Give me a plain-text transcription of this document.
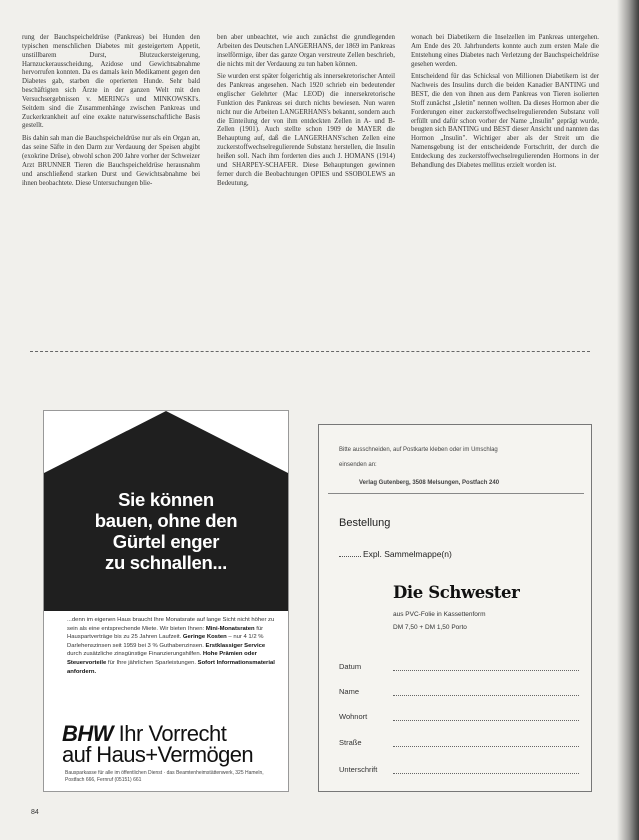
rung der Bauchspeicheldrüse (Pankreas) bei Hunden den typischen menschlichen Diabetes mit gesteigertem Appetit, unstillbarem Durst, Blutzuckersteigerung, Harnzuckerausscheidung, Azidose und Gewichtsabnahme hervorrufen konnten. Da es damals kein Medikament gegen den Diabetes gab, starben die operierten Hunde. Sehr bald beschäftigten sich Ärzte in der ganzen Welt mit den Versuchsergebnissen v. MERING's und MINKOWSKI's. Seitdem sind die Zusammenhänge zwischen Pankreas und Zuckerkrankheit auf eine exakte naturwissenschaftliche Basis gestellt.

Bis dahin sah man die Bauchspeicheldrüse nur als ein Organ an, das seine Säfte in den Darm zur Verdauung der Speisen abgibt (exokrine Drüse), obwohl schon 200 Jahre vorher der Schweizer Arzt BRUNNER Tieren die Bauchspeicheldrüse herausnahm und anschließend starken Durst und Gewichtsabnahme bei ihnen beobachtete. Diese Untersuchungen blie-

ben aber unbeachtet, wie auch zunächst die grundlegenden Arbeiten des Deutschen LANGERHANS, der 1869 im Pankreas inselförmige, über das ganze Organ verstreute Zellen beschrieb, die nichts mit der Verdauung zu tun haben können.

Sie wurden erst später folgerichtig als innersekretorischer Anteil des Pankreas angesehen. Nach 1920 schrieb ein bedeutender englischer Gelehrter (Mac LEOD) die innersekretorische Funktion des Pankreas sei durch nichts bewiesen. Nun waren nicht nur die Arbeiten LANGERHANS's bekannt, sondern auch die Einteilung der von ihm entdeckten Zellen in A- und B-Zellen (1901). Auch stellte schon 1909 de MAYER die Behauptung auf, daß die LANGERHANS'schen Zellen eine zuckerstoffwechselregulierende Substanz herstellen, die Insulin heißen soll. Nach ihm forderten dies auch J. HOMANS (1914) und SHARPEY-SCHAFER. Diese Behauptungen gewinnen ferner durch die Beobachtungen OPIES und SSOBOLEWS an Bedeutung,

wonach bei Diabetikern die Inselzellen im Pankreas untergehen. Am Ende des 20. Jahrhunderts konnte auch zum ersten Male die Entstehung eines Diabetes nach Verletzung der Bauchspeicheldrüse gesehen werden.

Entscheidend für das Schicksal von Millionen Diabetikern ist der Nachweis des Insulins durch die beiden Kanadier BANTING und BEST, die den von ihnen aus dem Pankreas von Tieren isolierten Stoff zunächst „Isletin" nennen wollten. Da dieses Hormon aber die Forderungen einer zuckerstoffwechselregulierenden Substanz voll erfüllt und dafür schon vorher der Name „Insulin" geprägt wurde, beugten sich BANTING und BEST dieser Ansicht und nannten das Hormon „Insulin". Wichtiger aber als der Streit um die Namensgebung ist der entscheidende Fortschritt, der durch die Entdeckung des zuckerstoffwechselregulierenden Hormons in der Behandlung des Diabetes mellitus erzielt worden ist.

Sie können
bauen, ohne den
Gürtel enger
zu schnallen...
...denn im eigenen Haus braucht Ihre Monatsrate auf lange Sicht nicht höher zu sein als eine entsprechende Miete. Wir bieten Ihnen: Mini-Monatsraten für Hauspartverträge bis zu 25 Jahren Laufzeit. Geringe Kosten – nur 4 1/2 % Darlehenszinsen seit 1959 bei 3 % Guthabenzinsen. Erstklassiger Service durch zusätzliche zinsgünstige Finanzierungshilfen. Hohe Prämien oder Steuervorteile für Ihre jährlichen Sparleistungen. Sofort Informationsmaterial anfordern.
BHW Ihr Vorrecht
auf Haus+Vermögen
Bausparkasse für alle im öffentlichen Dienst · das Beamtenheimstättenwerk, 325 Hameln, Postfach 666, Fernruf (05151) 661
Bitte ausschneiden, auf Postkarte kleben oder im Umschlag
einsenden an:
Verlag Gutenberg, 3508 Melsungen, Postfach 240
Bestellung
Expl. Sammelmappe(n)
Die Schwester
aus PVC-Folie in Kassettenform
DM 7,50 + DM 1,50 Porto
Datum
Name
Wohnort
Straße
Unterschrift
84
